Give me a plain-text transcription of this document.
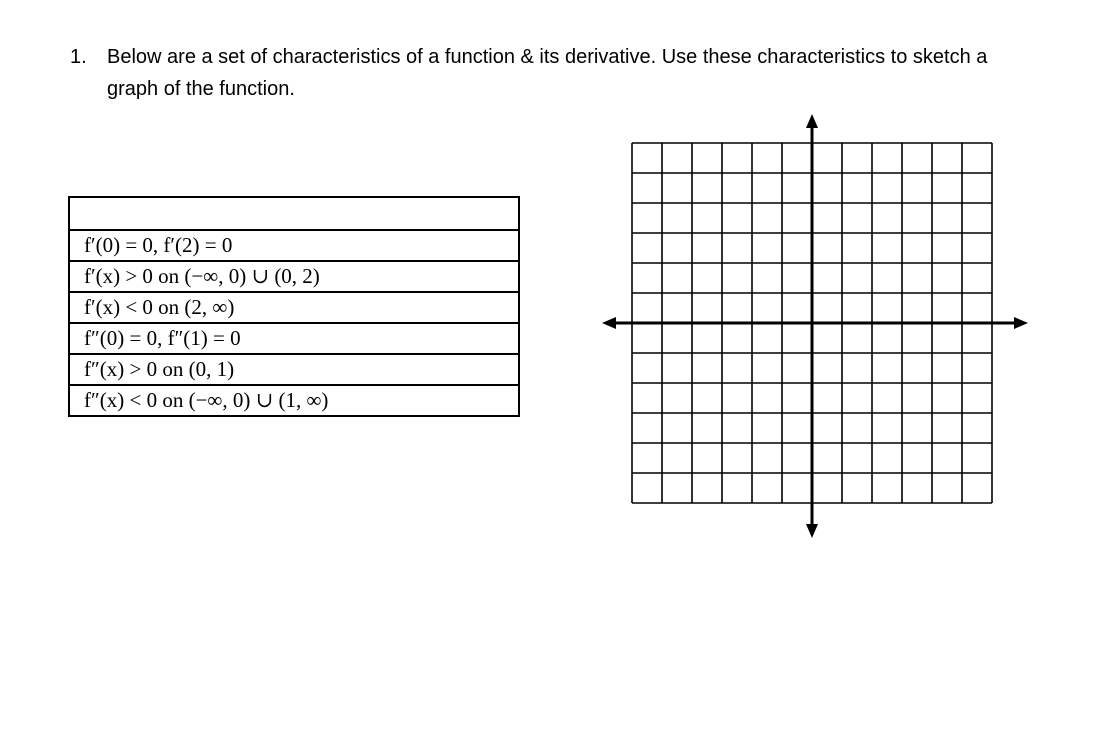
1. Below are a set of characteristics of a function & its derivative. Use these characteristics to sketch a graph of the function.

f′(0) = 0, f′(2) = 0
f′(x) > 0 on (−∞, 0) ∪ (0, 2)
f′(x) < 0 on (2, ∞)
f″(0) = 0, f″(1) = 0
f″(x) > 0 on (0, 1)
f″(x) < 0 on (−∞, 0) ∪ (1, ∞)
